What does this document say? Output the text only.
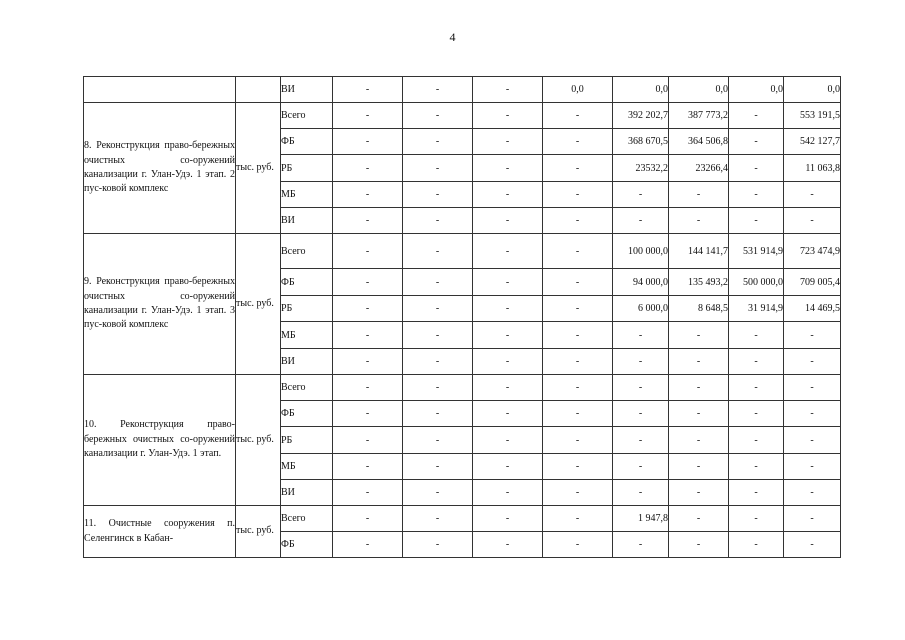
4
		ВИ	-	-	-	0,0	0,0	0,0	0,0	0,0
8. Реконструкция право-бережных очистных со-оружений канализации г. Улан-Удэ. 1 этап. 2 пус-ковой комплекс	тыс. руб.	Всего	-	-	-	-	392 202,7	387 773,2	-	553 191,5
		ФБ	-	-	-	-	368 670,5	364 506,8	-	542 127,7
		РБ	-	-	-	-	23532,2	23266,4	-	11 063,8
		МБ	-	-	-	-	-	-	-	-
		ВИ	-	-	-	-	-	-	-	-
9. Реконструкция право-бережных очистных со-оружений канализации г. Улан-Удэ. 1 этап. 3 пус-ковой комплекс	тыс. руб.	Всего	-	-	-	-	100 000,0	144 141,7	531 914,9	723 474,9
		ФБ	-	-	-	-	94 000,0	135 493,2	500 000,0	709 005,4
		РБ	-	-	-	-	6 000,0	8 648,5	31 914,9	14 469,5
		МБ	-	-	-	-	-	-	-	-
		ВИ	-	-	-	-	-	-	-	-
10. Реконструкция право-бережных очистных со-оружений канализации г. Улан-Удэ. 1 этап.	тыс. руб.	Всего	-	-	-	-	-	-	-	-
		ФБ	-	-	-	-	-	-	-	-
		РБ	-	-	-	-	-	-	-	-
		МБ	-	-	-	-	-	-	-	-
		ВИ	-	-	-	-	-	-	-	-
11. Очистные сооружения п. Селенгинск в Кабан-	тыс. руб.	Всего	-	-	-	-	1 947,8	-	-	-
		ФБ	-	-	-	-	-	-	-	-
